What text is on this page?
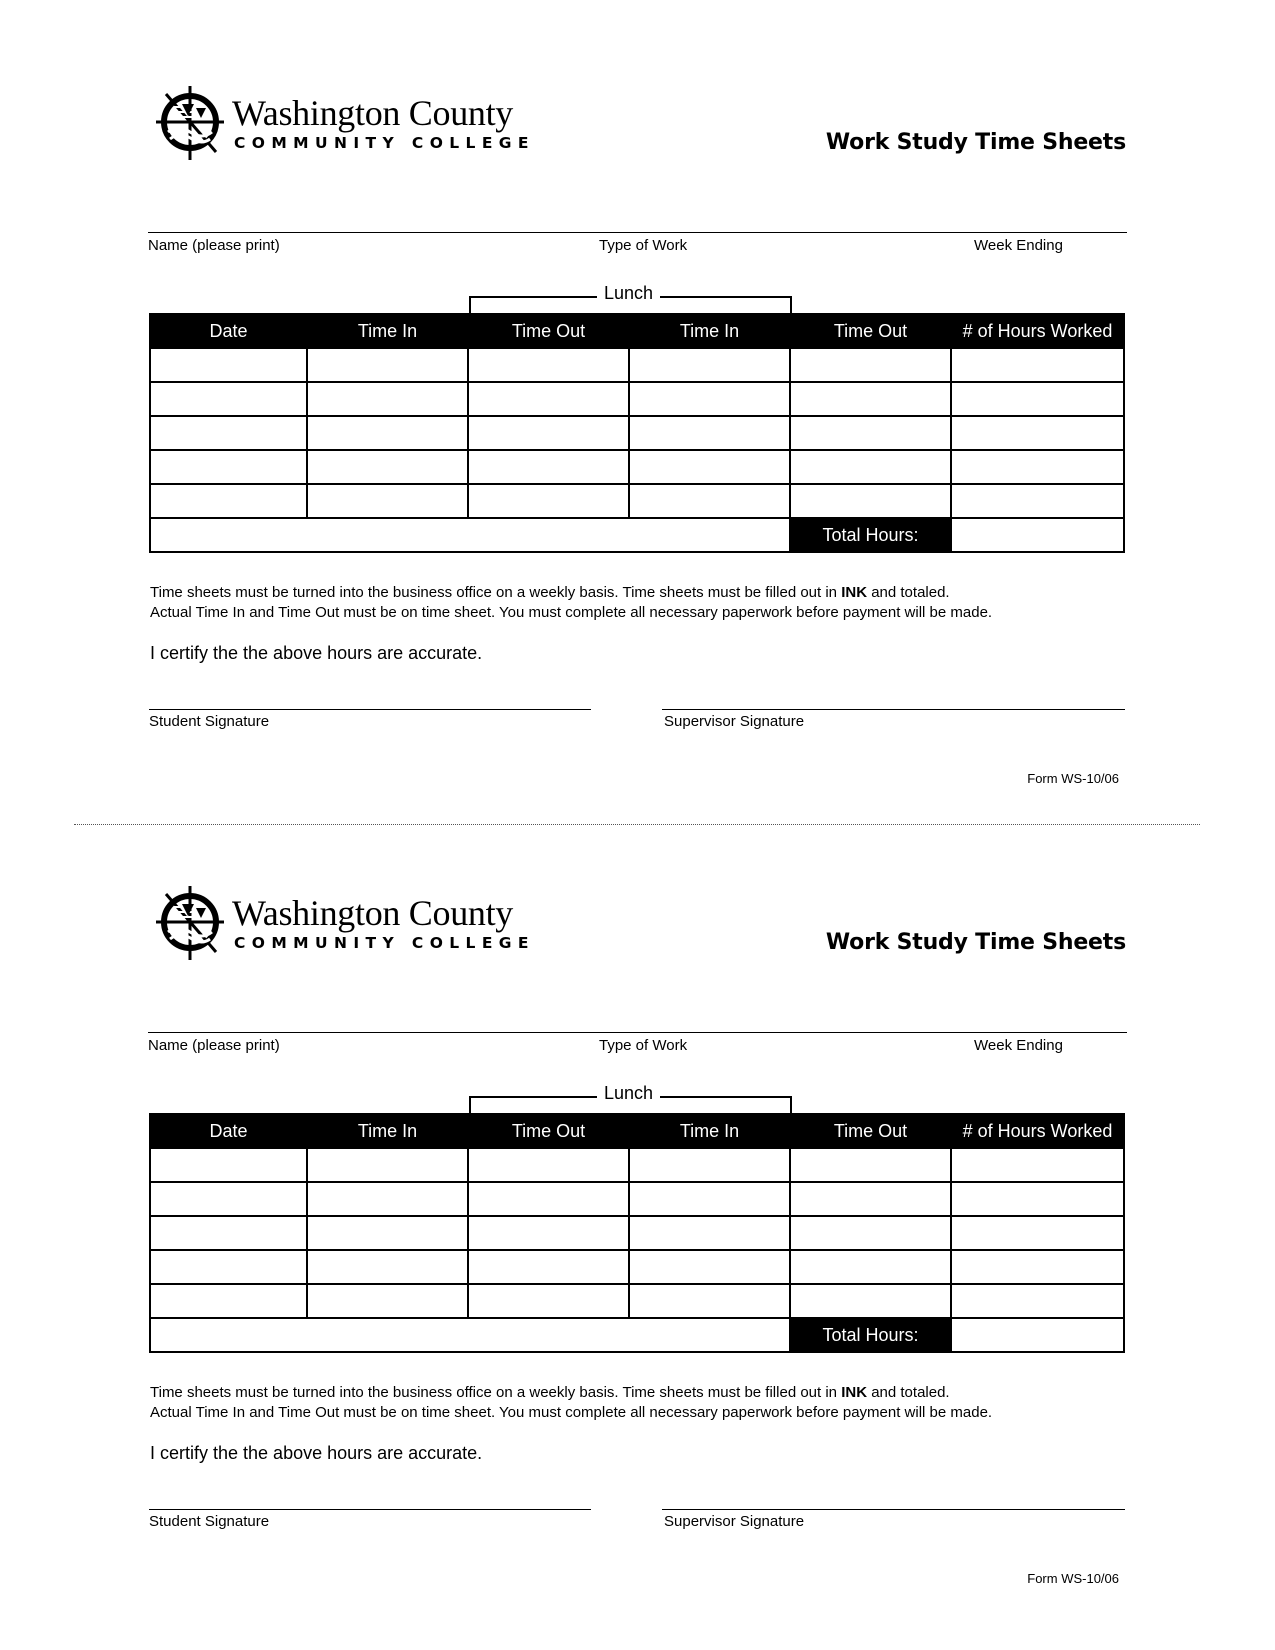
Washington County
COMMUNITY COLLEGE	Work Study Time Sheets
Name (please print)	Type of Work	Week Ending
Lunch
Date	Time In	Time Out	Time In	Time Out	# of Hours Worked

				Total Hours:	
Time sheets must be turned into the business office on a weekly basis. Time sheets must be filled out in INK and totaled.
Actual Time In and Time Out must be on time sheet. You must complete all necessary paperwork before payment will be made.
I certify the the above hours are accurate.
Student Signature	Supervisor Signature
Form WS-10/06
Washington County
COMMUNITY COLLEGE	Work Study Time Sheets
Name (please print)	Type of Work	Week Ending
Lunch
Date	Time In	Time Out	Time In	Time Out	# of Hours Worked

				Total Hours:	
Time sheets must be turned into the business office on a weekly basis. Time sheets must be filled out in INK and totaled.
Actual Time In and Time Out must be on time sheet. You must complete all necessary paperwork before payment will be made.
I certify the the above hours are accurate.
Student Signature	Supervisor Signature
Form WS-10/06
